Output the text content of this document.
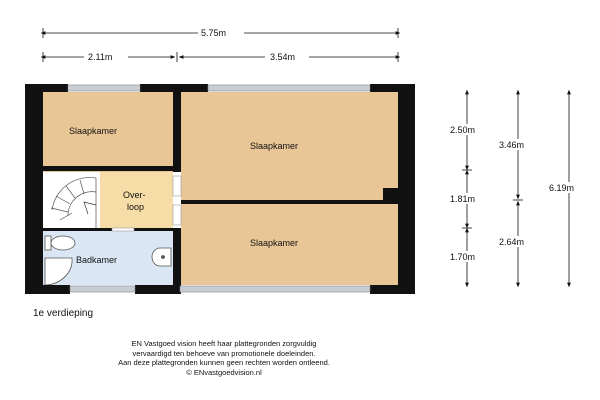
Slaapkamer
Slaapkamer
Slaapkamer
Over-
loop
Badkamer
5.75m
2.11m	3.54m
2.50m
1.81m
1.70m
3.46m
2.64m
6.19m
1e verdieping
EN Vastgoed vision heeft haar plattegronden zorgvuldig
vervaardigd ten behoeve van promotionele doeleinden.
Aan deze plattegronden kunnen geen rechten worden ontleend.
© ENvastgoedvision.nl
